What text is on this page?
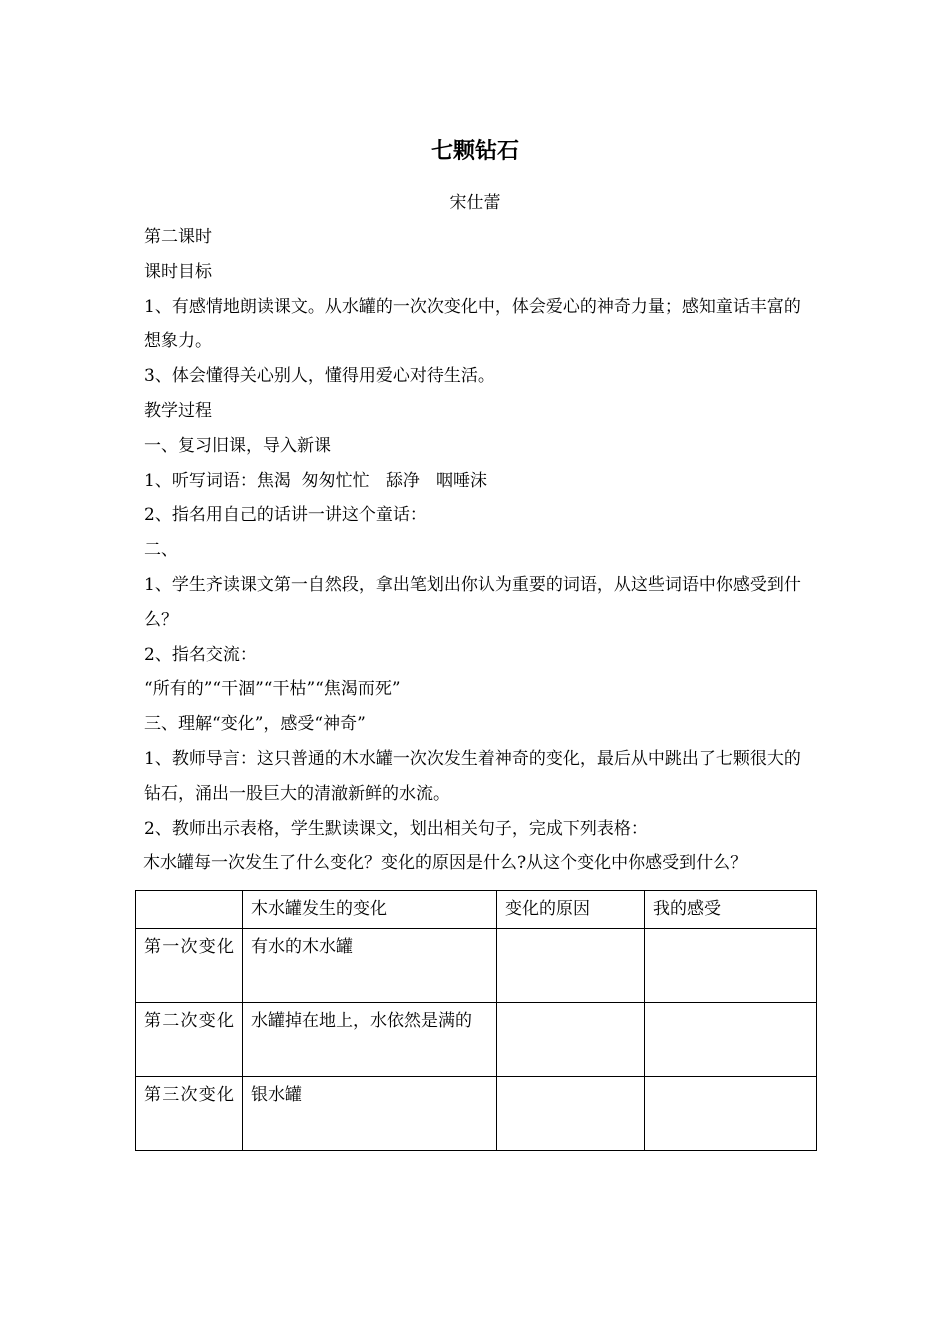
七颗钻石
宋仕蕾

第二课时

课时目标

1、有感情地朗读课文。从水罐的一次次变化中，体会爱心的神奇力量；感知童话丰富的想象力。

3、体会懂得关心别人，懂得用爱心对待生活。

教学过程

一、复习旧课，导入新课

1、听写词语：焦渴  匆匆忙忙   舔净   咽唾沫

2、指名用自己的话讲一讲这个童话：

二、

1、学生齐读课文第一自然段，拿出笔划出你认为重要的词语，从这些词语中你感受到什么？

2、指名交流：

“所有的”“干涸”“干枯”“焦渴而死”

三、理解“变化”，感受“神奇”

1、教师导言：这只普通的木水罐一次次发生着神奇的变化，最后从中跳出了七颗很大的钻石，涌出一股巨大的清澈新鲜的水流。

2、教师出示表格，学生默读课文，划出相关句子，完成下列表格：

木水罐每一次发生了什么变化？变化的原因是什么?从这个变化中你感受到什么？

	木水罐发生的变化	变化的原因	我的感受
第一次变化	有水的木水罐		
第二次变化	水罐掉在地上，水依然是满的		
第三次变化	银水罐		
